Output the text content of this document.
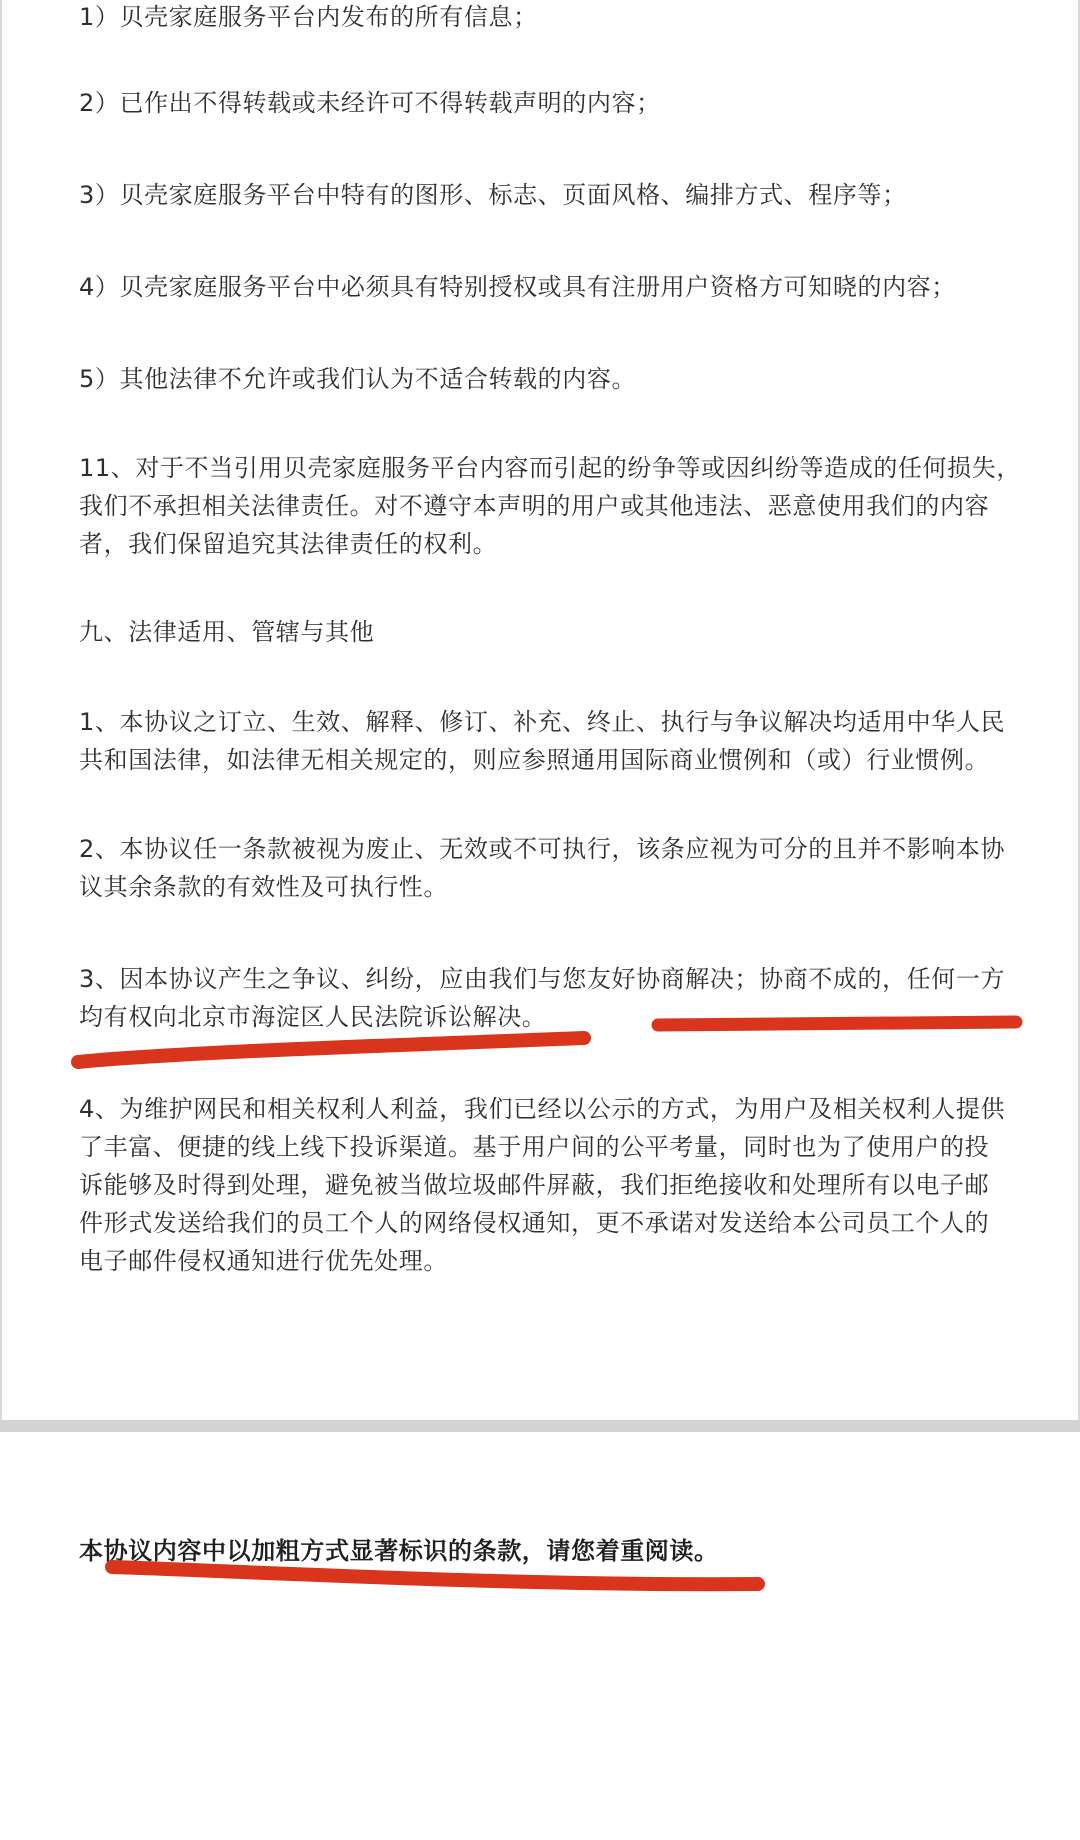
1）贝壳家庭服务平台内发布的所有信息；

2）已作出不得转载或未经许可不得转载声明的内容；

3）贝壳家庭服务平台中特有的图形、标志、页面风格、编排方式、程序等；

4）贝壳家庭服务平台中必须具有特别授权或具有注册用户资格方可知晓的内容；

5）其他法律不允许或我们认为不适合转载的内容。

11、对于不当引用贝壳家庭服务平台内容而引起的纷争等或因纠纷等造成的任何损失，
我们不承担相关法律责任。对不遵守本声明的用户或其他违法、恶意使用我们的内容
者，我们保留追究其法律责任的权利。

九、法律适用、管辖与其他

1、本协议之订立、生效、解释、修订、补充、终止、执行与争议解决均适用中华人民
共和国法律，如法律无相关规定的，则应参照通用国际商业惯例和（或）行业惯例。

2、本协议任一条款被视为废止、无效或不可执行，该条应视为可分的且并不影响本协
议其余条款的有效性及可执行性。

3、因本协议产生之争议、纠纷，应由我们与您友好协商解决；协商不成的，任何一方
均有权向北京市海淀区人民法院诉讼解决。

4、为维护网民和相关权利人利益，我们已经以公示的方式，为用户及相关权利人提供
了丰富、便捷的线上线下投诉渠道。基于用户间的公平考量，同时也为了使用户的投
诉能够及时得到处理，避免被当做垃圾邮件屏蔽，我们拒绝接收和处理所有以电子邮
件形式发送给我们的员工个人的网络侵权通知，更不承诺对发送给本公司员工个人的
电子邮件侵权通知进行优先处理。

本协议内容中以加粗方式显著标识的条款，请您着重阅读。
